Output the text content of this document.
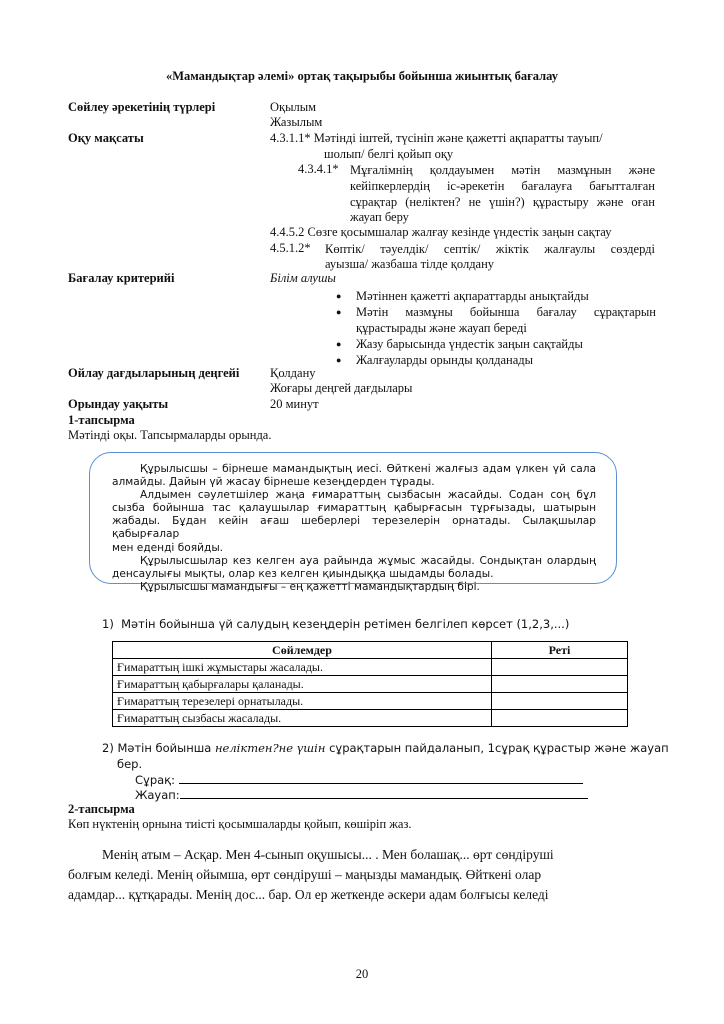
«Мамандықтар әлемі» ортақ тақырыбы бойынша жиынтық бағалау
Сөйлеу әрекетінің түрлері	Оқылым
Жазылым
Оқу мақсаты	4.3.1.1* Мәтінді іштей, түсініп және қажетті ақпаратты тауып/
шолып/ белгі қойып оқу
4.3.4.1* Мұғалімнің қолдауымен мәтін мазмұнын және
кейіпкерлердің іс-әрекетін бағалауға бағытталған
сұрақтар (неліктен? не үшін?) құрастыру және оған
жауап беру
4.4.5.2 Сөзге қосымшалар жалғау кезінде үндестік заңын сақтау
4.5.1.2* Көптік/ тәуелдік/ септік/ жіктік жалғаулы сөздерді
ауызша/ жазбаша тілде қолдану
Бағалау критерийі	Білім алушы
● Мәтіннен қажетті ақпараттарды анықтайды
● Мәтін мазмұны бойынша бағалау сұрақтарын құрастырады және жауап береді
● Жазу барысында үндестік заңын сақтайды
● Жалғауларды орынды қолданады
Ойлау дағдыларының деңгейі Қолдану
Жоғары деңгей дағдылары
Орындау уақыты	20 минут
1-тапсырма
Мәтінді оқы. Тапсырмаларды орында.
Құрылысшы – бірнеше мамандықтың иесі. Өйткені жалғыз адам үлкен үй сала
алмайды. Дайын үй жасау бірнеше кезеңдерден тұрады.
Алдымен сәулетшілер жаңа ғимараттың сызбасын жасайды. Содан соң бұл
сызба бойынша тас қалаушылар ғимараттың қабырғасын тұрғызады, шатырын
жабады. Бұдан кейін ағаш шеберлері терезелерін орнатады. Сылақшылар қабырғалар
мен еденді бояйды.
Құрылысшылар кез келген ауа райында жұмыс жасайды. Сондықтан олардың
денсаулығы мықты, олар кез келген қиындыққа шыдамды болады.
Құрылысшы мамандығы – ең қажетті мамандықтардың бірі.
1) Мәтін бойынша үй салудың кезеңдерін ретімен белгілеп көрсет (1,2,3,...)
Сөйлемдер	Реті
Ғимараттың ішкі жұмыстары жасалады.	
Ғимараттың қабырғалары қаланады.	
Ғимараттың терезелері орнатылады.	
Ғимараттың сызбасы жасалады.	
2) Мәтін бойынша неліктен?не үшін сұрақтарын пайдаланып, 1сұрақ құрастыр және жауап
бер.
Сұрақ:
Жауап:
2-тапсырма
Көп нүктенің орнына тиісті қосымшаларды қойып, көшіріп жаз.
Менің атым – Асқар. Мен 4-сынып оқушысы... . Мен болашақ... өрт сөндіруші
болғым келеді. Менің ойымша, өрт сөндіруші – маңызды мамандық. Өйткені олар
адамдар... құтқарады. Менің дос... бар. Ол ер жеткенде әскери адам болғысы келеді
20
